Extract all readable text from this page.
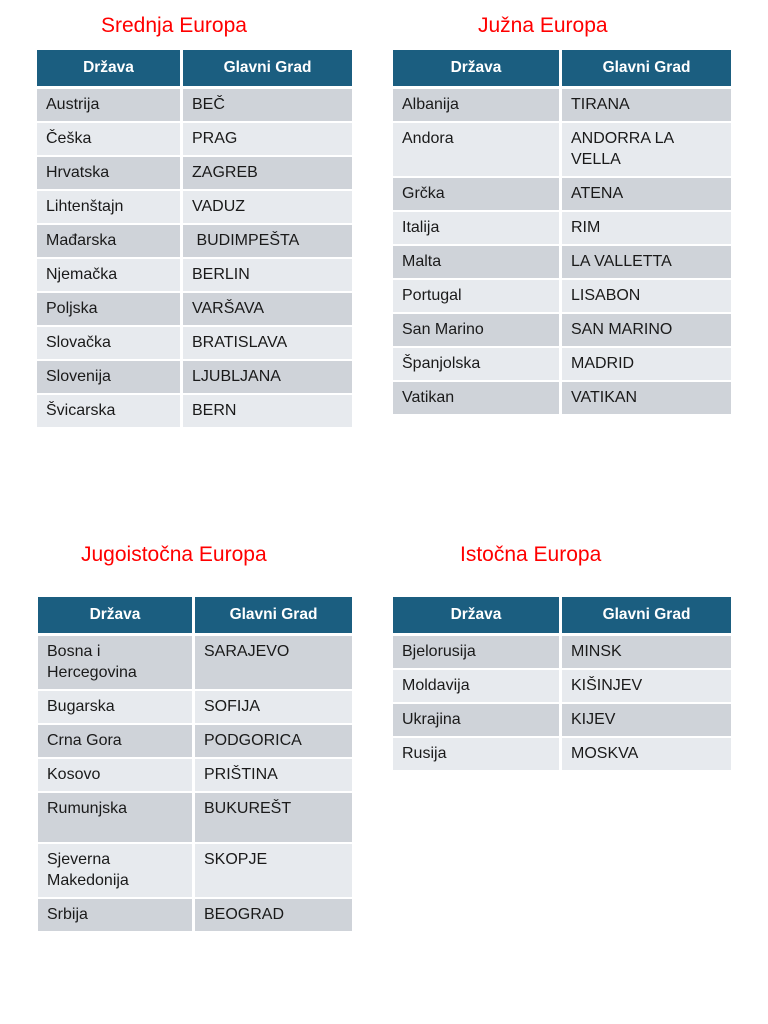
Srednja Europa
Država	Glavni Grad
Austrija	BEČ
Češka	PRAG
Hrvatska	ZAGREB
Lihtenštajn	VADUZ
Mađarska	BUDIMPEŠTA
Njemačka	BERLIN
Poljska	VARŠAVA
Slovačka	BRATISLAVA
Slovenija	LJUBLJANA
Švicarska	BERN
Južna Europa
Država	Glavni Grad
Albanija	TIRANA
Andora	ANDORRA LA VELLA
Grčka	ATENA
Italija	RIM
Malta	LA VALLETTA
Portugal	LISABON
San Marino	SAN MARINO
Španjolska	MADRID
Vatikan	VATIKAN
Jugoistočna Europa
Država	Glavni Grad
Bosna i Hercegovina	SARAJEVO
Bugarska	SOFIJA
Crna Gora	PODGORICA
Kosovo	PRIŠTINA
Rumunjska	BUKUREŠT
Sjeverna Makedonija	SKOPJE
Srbija	BEOGRAD
Istočna Europa
Država	Glavni Grad
Bjelorusija	MINSK
Moldavija	KIŠINJEV
Ukrajina	KIJEV
Rusija	MOSKVA
